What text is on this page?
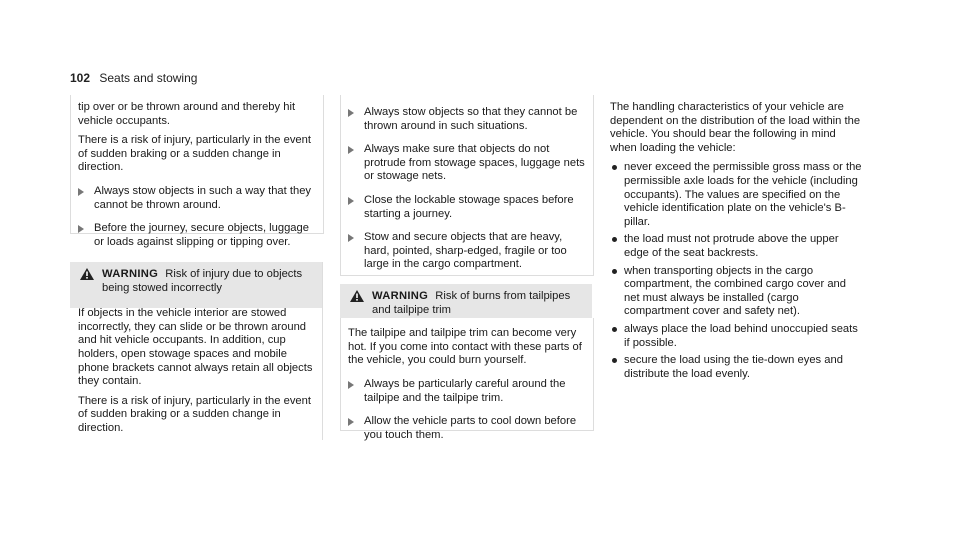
102 Seats and stowing

tip over or be thrown around and thereby hit vehicle occupants.

There is a risk of injury, particularly in the event of sudden braking or a sudden change in direction.

Always stow objects in such a way that they cannot be thrown around.
Before the journey, secure objects, luggage or loads against slipping or tipping over.
WARNING Risk of injury due to objects being stowed incorrectly

If objects in the vehicle interior are stowed incorrectly, they can slide or be thrown around and hit vehicle occupants. In addition, cup holders, open stowage spaces and mobile phone brackets cannot always retain all objects they contain.

There is a risk of injury, particularly in the event of sudden braking or a sudden change in direction.

Always stow objects so that they cannot be thrown around in such situations.
Always make sure that objects do not protrude from stowage spaces, luggage nets or stowage nets.
Close the lockable stowage spaces before starting a journey.
Stow and secure objects that are heavy, hard, pointed, sharp-edged, fragile or too large in the cargo compartment.
WARNING Risk of burns from tailpipes and tailpipe trim

The tailpipe and tailpipe trim can become very hot. If you come into contact with these parts of the vehicle, you could burn yourself.

Always be particularly careful around the tailpipe and the tailpipe trim.
Allow the vehicle parts to cool down before you touch them.

The handling characteristics of your vehicle are dependent on the distribution of the load within the vehicle. You should bear the following in mind when loading the vehicle:

never exceed the permissible gross mass or the permissible axle loads for the vehicle (including occupants). The values are specified on the vehicle identification plate on the vehicle's B-pillar.
the load must not protrude above the upper edge of the seat backrests.
when transporting objects in the cargo compartment, the combined cargo cover and net must always be installed (cargo compartment cover and safety net).
always place the load behind unoccupied seats if possible.
secure the load using the tie-down eyes and distribute the load evenly.
